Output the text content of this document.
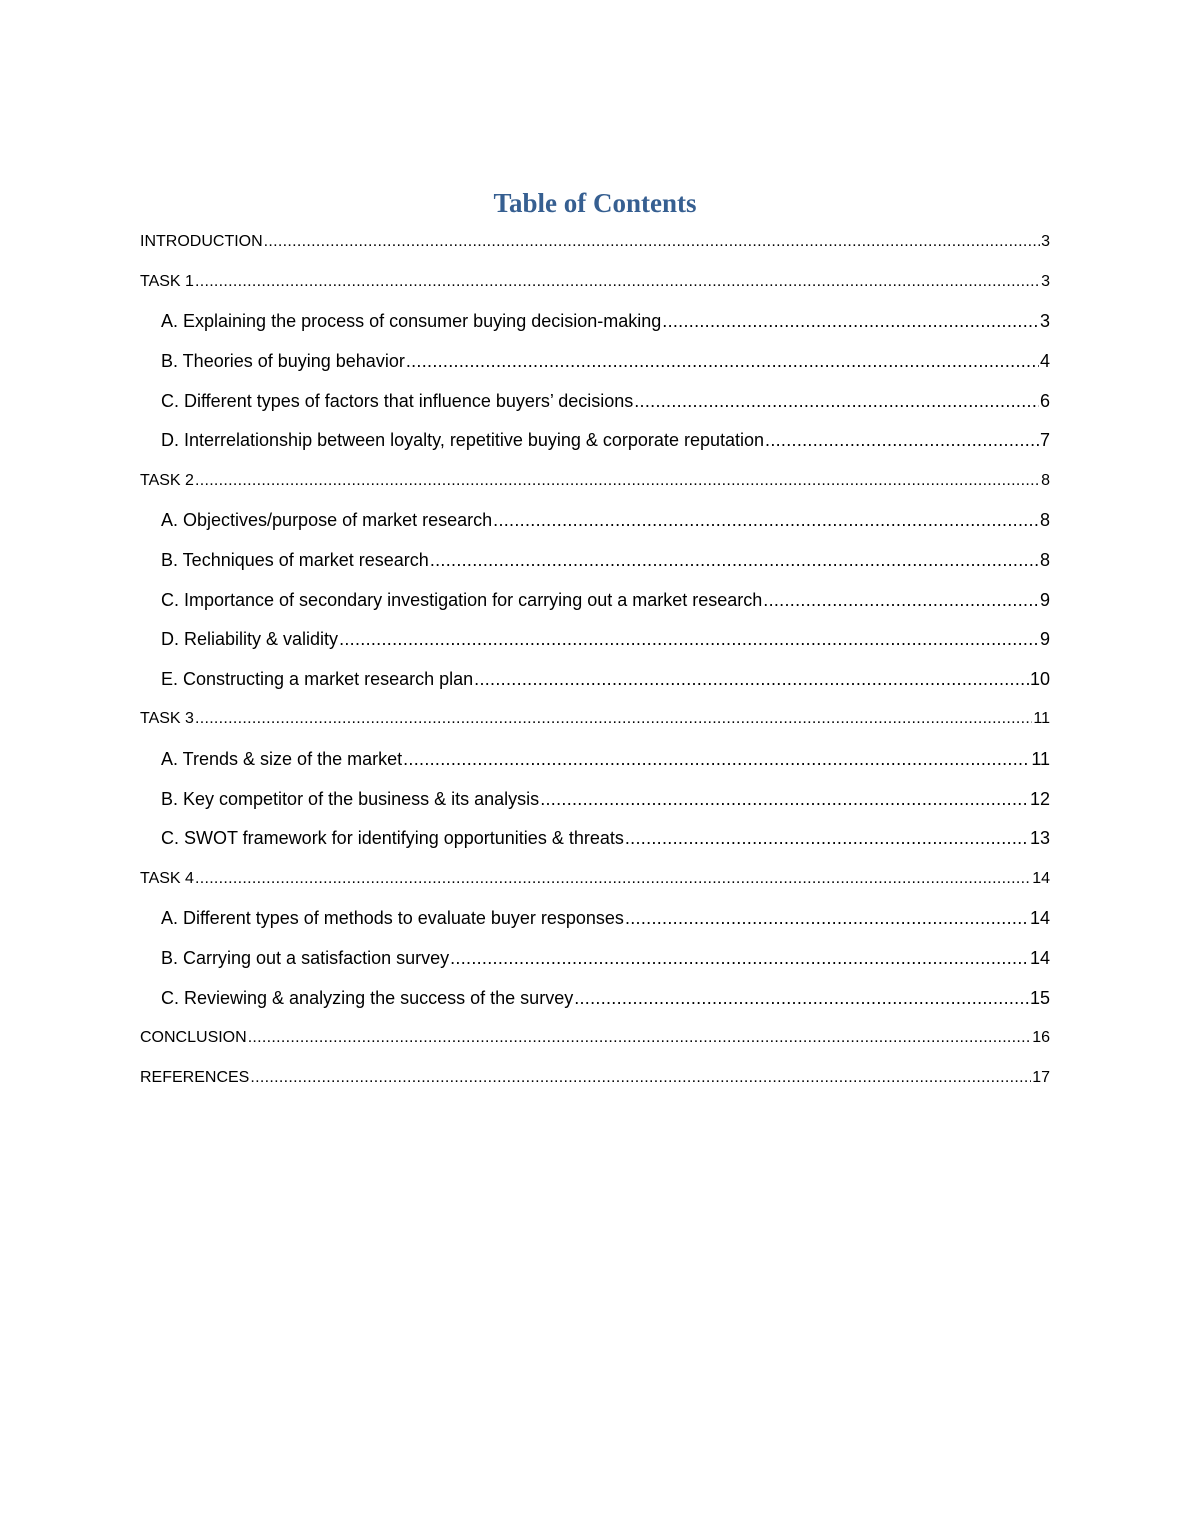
Table of Contents
INTRODUCTION .....	3
TASK 1 .....	3
A. Explaining the process of consumer buying decision-making .....	3
B. Theories of buying behavior .....	4
C. Different types of factors that influence buyers’ decisions .....	6
D. Interrelationship between loyalty, repetitive buying & corporate reputation .....	7
TASK 2 .....	8
A. Objectives/purpose of market research .....	8
B. Techniques of market research .....	8
C. Importance of secondary investigation for carrying out a market research .....	9
D. Reliability & validity .....	9
E. Constructing a market research plan .....	10
TASK 3 .....	11
A. Trends & size of the market .....	11
B. Key competitor of the business & its analysis .....	12
C. SWOT framework for identifying opportunities & threats .....	13
TASK 4 .....	14
A. Different types of methods to evaluate buyer responses .....	14
B. Carrying out a satisfaction survey .....	14
C. Reviewing & analyzing the success of the survey .....	15
CONCLUSION .....	16
REFERENCES .....	17
